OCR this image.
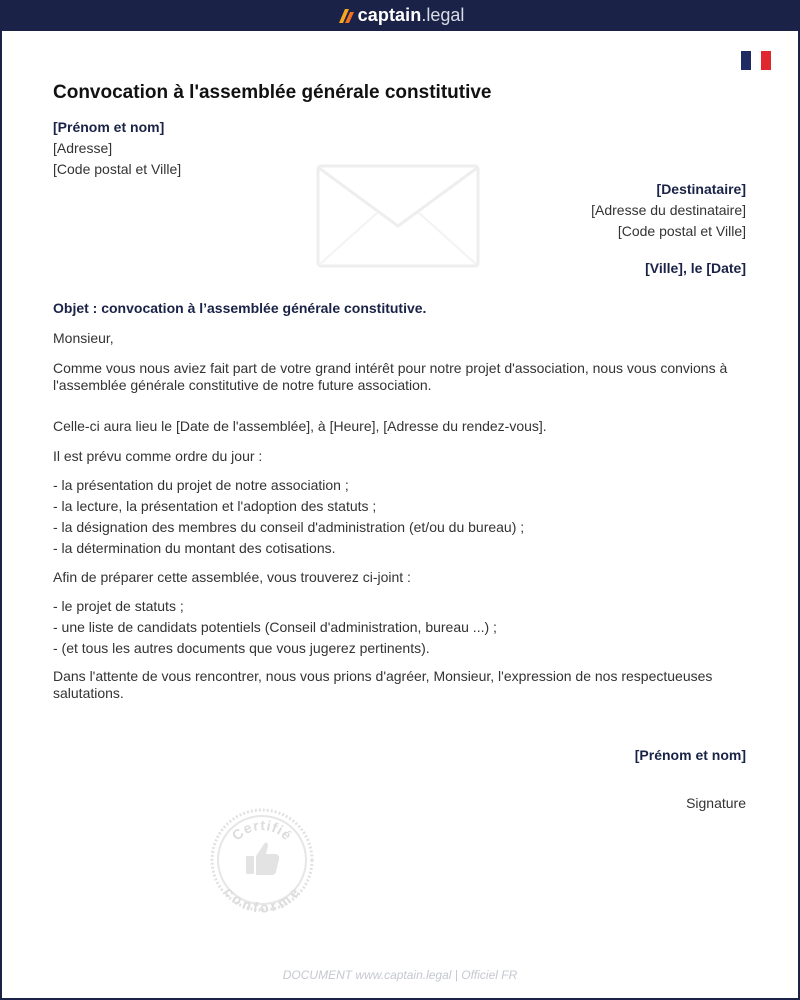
captain .legal
Convocation à l'assemblée générale constitutive
[Prénom et nom]
[Adresse]
[Code postal et Ville]
[Destinataire]
[Adresse du destinataire]
[Code postal et Ville]
[Ville], le [Date]

Objet : convocation à l’assemblée générale constitutive.

Monsieur,

Comme vous nous aviez fait part de votre grand intérêt pour notre projet d'association, nous vous convions à l'assemblée générale constitutive de notre future association.

Celle-ci aura lieu le [Date de l'assemblée], à [Heure], [Adresse du rendez-vous].

Il est prévu comme ordre du jour :

- la présentation du projet de notre association ;
- la lecture, la présentation et l'adoption des statuts ;
- la désignation des membres du conseil d'administration (et/ou du bureau) ;
- la détermination du montant des cotisations.

Afin de préparer cette assemblée, vous trouverez ci-joint :

- le projet de statuts ;
- une liste de candidats potentiels (Conseil d'administration, bureau ...) ;
- (et tous les autres documents que vous jugerez pertinents).

Dans l'attente de vous rencontrer, nous vous prions d'agréer, Monsieur, l'expression de nos respectueuses salutations.

[Prénom et nom]
Signature
Certifié
conforme
DOCUMENT www.captain.legal | Officiel FR
